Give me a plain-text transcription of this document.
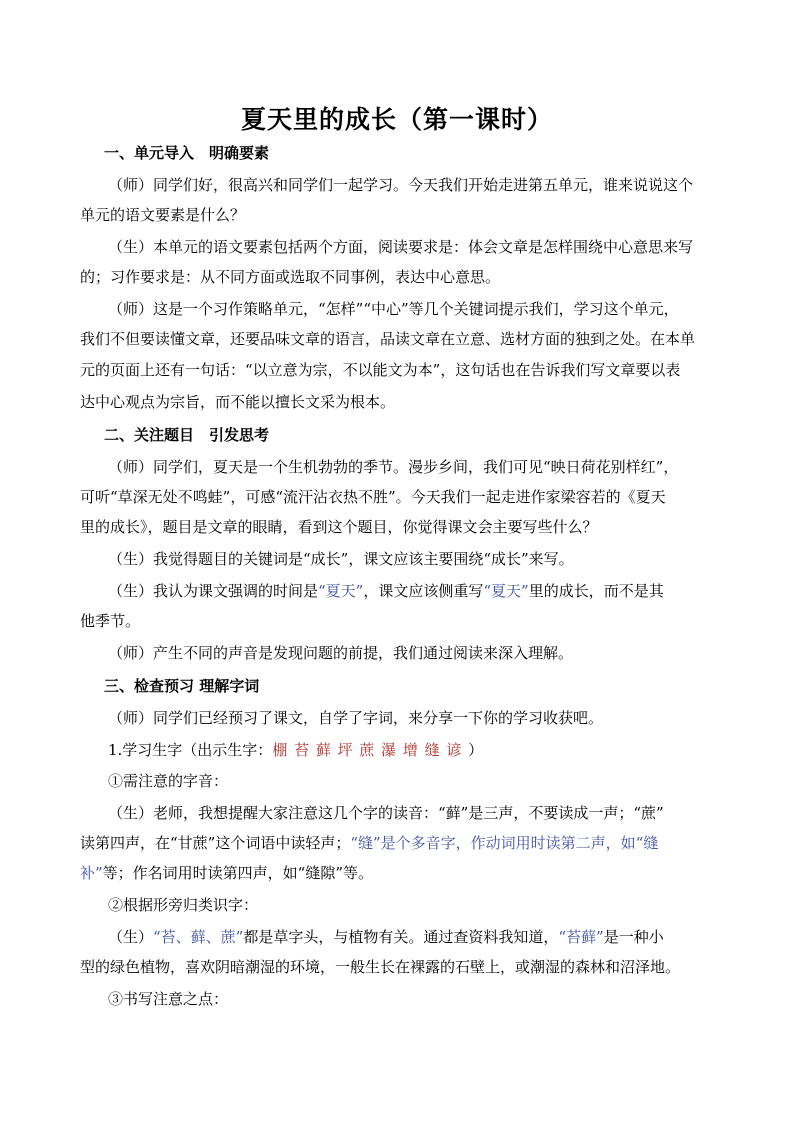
夏天里的成长（第一课时）
一、单元导入　明确要素
（师）同学们好，很高兴和同学们一起学习。今天我们开始走进第五单元，谁来说说这个
单元的语文要素是什么？
（生）本单元的语文要素包括两个方面，阅读要求是：体会文章是怎样围绕中心意思来写
的；习作要求是：从不同方面或选取不同事例，表达中心意思。
（师）这是一个习作策略单元，“怎样”“中心”等几个关键词提示我们，学习这个单元，
我们不但要读懂文章，还要品味文章的语言，品读文章在立意、选材方面的独到之处。在本单
元的页面上还有一句话：“以立意为宗，不以能文为本”，这句话也在告诉我们写文章要以表
达中心观点为宗旨，而不能以擅长文采为根本。
二、关注题目　引发思考
（师）同学们，夏天是一个生机勃勃的季节。漫步乡间，我们可见“映日荷花别样红”，
可听“草深无处不鸣蛙”，可感“流汗沾衣热不胜”。今天我们一起走进作家梁容若的《夏天
里的成长》，题目是文章的眼睛，看到这个题目，你觉得课文会主要写些什么？
（生）我觉得题目的关键词是“成长”，课文应该主要围绕“成长”来写。
（生）我认为课文强调的时间是“夏天”，课文应该侧重写“夏天”里的成长，而不是其
他季节。
（师）产生不同的声音是发现问题的前提，我们通过阅读来深入理解。
三、检查预习 理解字词
（师）同学们已经预习了课文，自学了字词，来分享一下你的学习收获吧。
1.学习生字（出示生字：棚苔藓坪蔗瀑增缝谚）
①需注意的字音：
（生）老师，我想提醒大家注意这几个字的读音：“藓”是三声，不要读成一声；“蔗”
读第四声，在“甘蔗”这个词语中读轻声；“缝”是个多音字，作动词用时读第二声，如“缝
补”等；作名词用时读第四声，如“缝隙”等。
②根据形旁归类识字：
（生）“苔、藓、蔗”都是草字头，与植物有关。通过查资料我知道，“苔藓”是一种小
型的绿色植物，喜欢阴暗潮湿的环境，一般生长在裸露的石壁上，或潮湿的森林和沼泽地。
③书写注意之点：
